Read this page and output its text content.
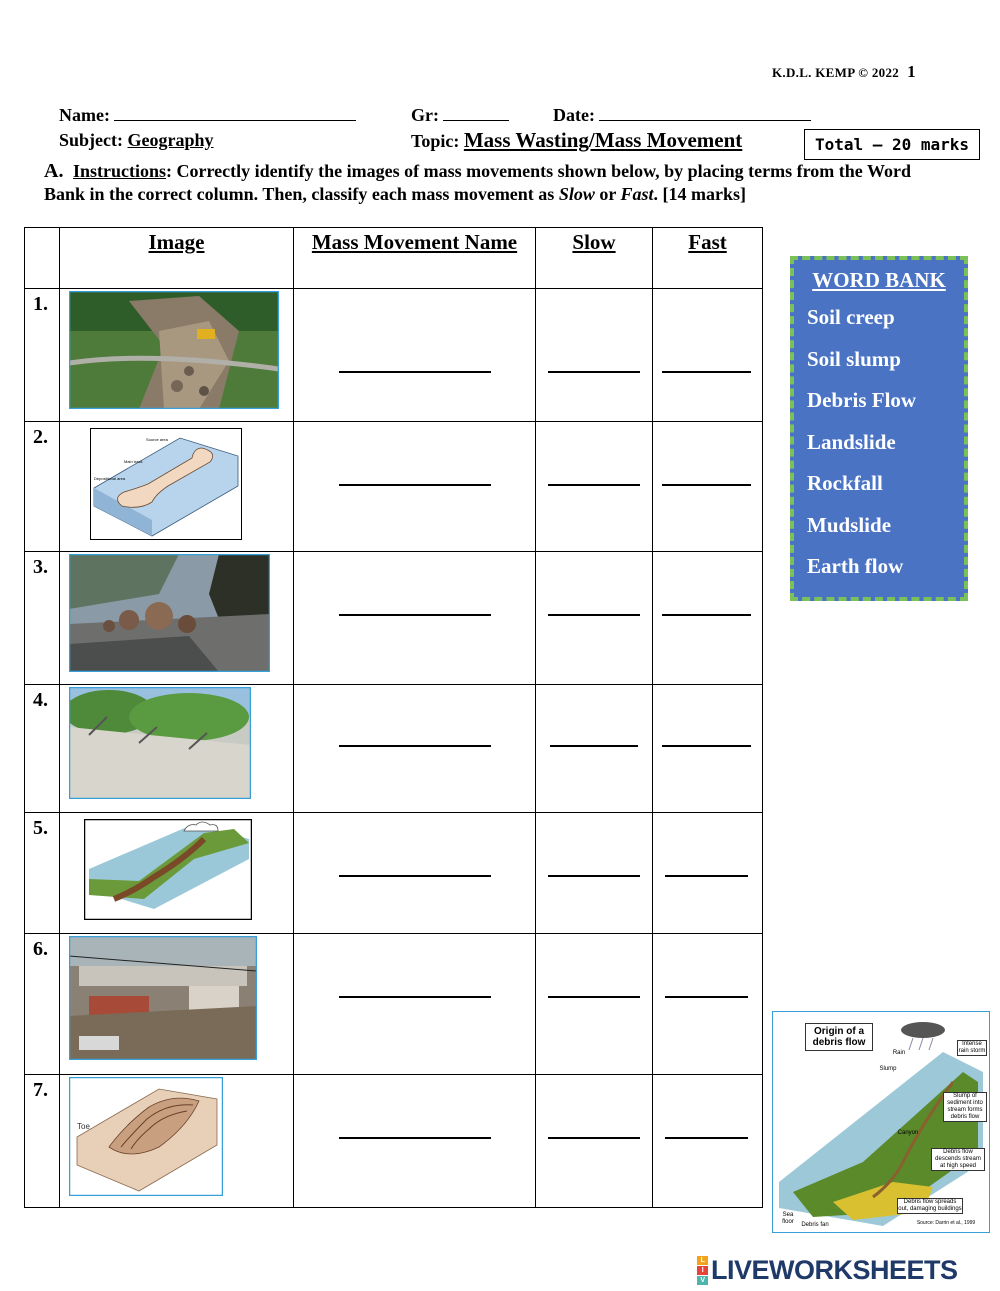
K.D.L. KEMP © 2022 1
Name:	Gr:	Date:
Subject: Geography	Topic: Mass Wasting/Mass Movement	Total – 20 marks
A. Instructions: Correctly identify the images of mass movements shown below, by placing terms from the Word Bank in the correct column. Then, classify each mass movement as Slow or Fast. [14 marks]
	Image	Mass Movement Name	Slow	Fast
1.	

2.	Source area
Main track
Depositional area			

3.	

4.	

5.	

6.	

7.	Toe			

WORD BANK
Soil creep
Soil slump
Debris Flow
Landslide
Rockfall
Mudslide
Earth flow
Origin of a debris flow	Intense rain storm
Rain
Slump
Slump of sediment into stream forms debris flow
Canyon
Debris flow descends stream at high speed
Debris flow spreads out, damaging buildings
Sea floor	Debris fan	Source: Darrin et al., 1999
L
I
V LIVEWORKSHEETS
